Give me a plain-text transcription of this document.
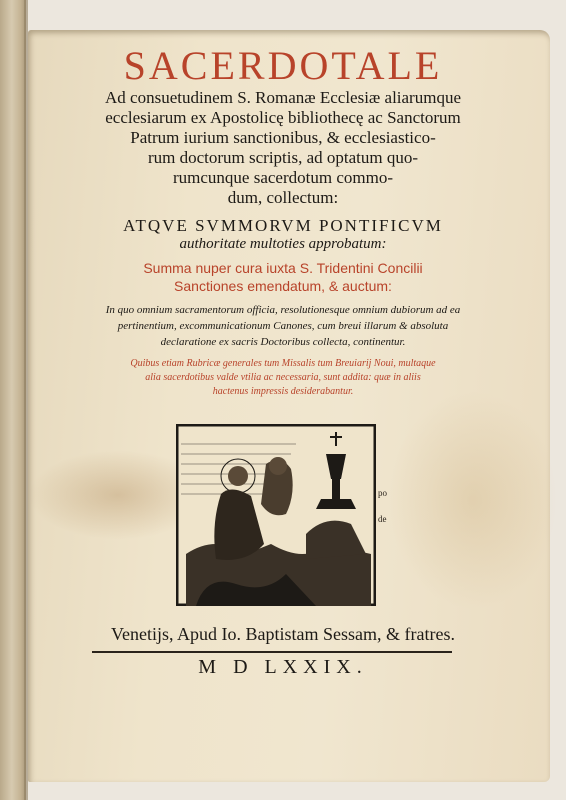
SACERDOTALE
Ad consuetudinem S. Romanæ Ecclesiæ aliarumque
ecclesiarum ex Apostolicę bibliothecę ac Sanctorum
Patrum iurium sanctionibus, & ecclesiastico-
rum doctorum scriptis, ad optatum quo-
rumcunque sacerdotum commo-
dum, collectum:
ATQVE SVMMORVM PONTIFICVM
authoritate multoties approbatum:
Summa nuper cura iuxta S. Tridentini Concilii
Sanctiones emendatum, & auctum:
In quo omnium sacramentorum officia, resolutionesque omnium dubiorum ad ea
pertinentium, excommunicationum Canones, cum breui illarum & absoluta
declaratione ex sacris Doctoribus collecta, continentur.
Quibus etiam Rubricæ generales tum Missalis tum Breuiarij Noui, multaque
alia sacerdotibus valde vtilia ac necessaria, sunt addita: quæ in aliis
hactenus impressis desiderabantur.
po
de
Venetijs, Apud Io. Baptistam Sessam, & fratres.
M D LXXIX.
